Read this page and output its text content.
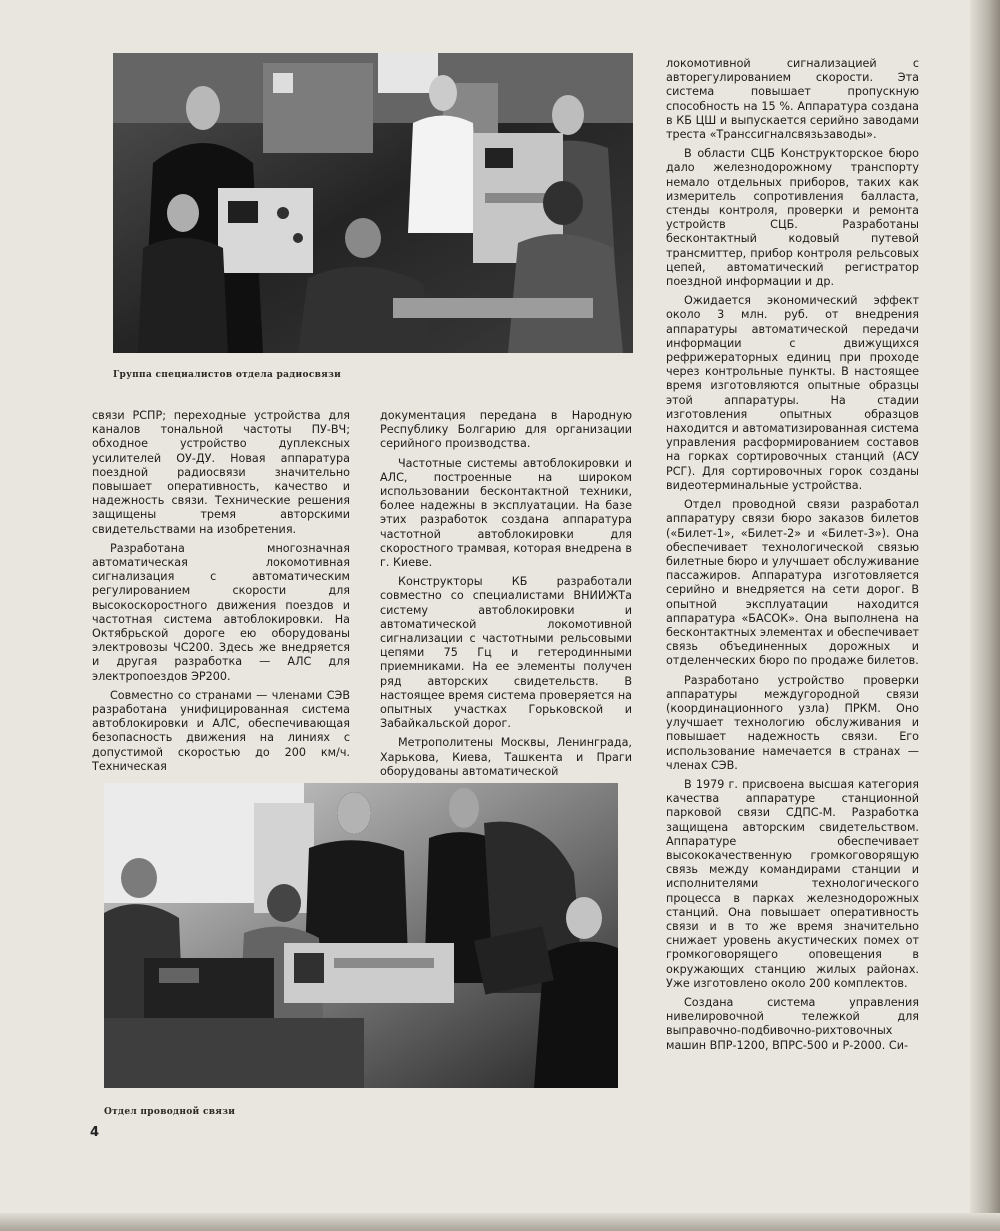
Группа специалистов отдела радиосвязи

связи РСПР; переходные устройства для каналов тональной частоты ПУ-ВЧ; обходное устройство дуплексных усилителей ОУ-ДУ. Новая аппаратура поездной радиосвязи значительно повышает оперативность, качество и надежность связи. Технические решения защищены тремя авторскими свидетельствами на изобретения.

Разработана многозначная автоматическая локомотивная сигнализация с автоматическим регулированием скорости для высокоскоростного движения поездов и частотная система автоблокировки. На Октябрьской дороге ею оборудованы электровозы ЧС200. Здесь же внедряется и другая разработка — АЛС для электропоездов ЭР200.

Совместно со странами — членами СЭВ разработана унифицированная система автоблокировки и АЛС, обеспечивающая безопасность движения на линиях с допустимой скоростью до 200 км/ч. Техническая

документация передана в Народную Республику Болгарию для организации серийного производства.

Частотные системы автоблокировки и АЛС, построенные на широком использовании бесконтактной техники, более надежны в эксплуатации. На базе этих разработок создана аппаратура частотной автоблокировки для скоростного трамвая, которая внедрена в г. Киеве.

Конструкторы КБ разработали совместно со специалистами ВНИИЖТа систему автоблокировки и автоматической локомотивной сигнализации с частотными рельсовыми цепями 75 Гц и гетеродинными приемниками. На ее элементы получен ряд авторских свидетельств. В настоящее время система проверяется на опытных участках Горьковской и Забайкальской дорог.

Метрополитены Москвы, Ленинграда, Харькова, Киева, Ташкента и Праги оборудованы автоматической

локомотивной сигнализацией с авторегулированием скорости. Эта система повышает пропускную способность на 15 %. Аппаратура создана в КБ ЦШ и выпускается серийно заводами треста «Транссигналсвязьзаводы».

В области СЦБ Конструкторское бюро дало железнодорожному транспорту немало отдельных приборов, таких как измеритель сопротивления балласта, стенды контроля, проверки и ремонта устройств СЦБ. Разработаны бесконтактный кодовый путевой трансмиттер, прибор контроля рельсовых цепей, автоматический регистратор поездной информации и др.

Ожидается экономический эффект около 3 млн. руб. от внедрения аппаратуры автоматической передачи информации с движущихся рефрижераторных единиц при проходе через контрольные пункты. В настоящее время изготовляются опытные образцы этой аппаратуры. На стадии изготовления опытных образцов находится и автоматизированная система управления расформированием составов на горках сортировочных станций (АСУ РСГ). Для сортировочных горок созданы видеотерминальные устройства.

Отдел проводной связи разработал аппаратуру связи бюро заказов билетов («Билет-1», «Билет-2» и «Билет-3»). Она обеспечивает технологической связью билетные бюро и улучшает обслуживание пассажиров. Аппаратура изготовляется серийно и внедряется на сети дорог. В опытной эксплуатации находится аппаратура «БАСОК». Она выполнена на бесконтактных элементах и обеспечивает связь объединенных дорожных и отделенческих бюро по продаже билетов.

Разработано устройство проверки аппаратуры междугородной связи (координационного узла) ПРКМ. Оно улучшает технологию обслуживания и повышает надежность связи. Его использование намечается в странах — членах СЭВ.

В 1979 г. присвоена высшая категория качества аппаратуре станционной парковой связи СДПС-М. Разработка защищена авторским свидетельством. Аппаратуре обеспечивает высококачественную громкоговорящую связь между командирами станции и исполнителями технологического процесса в парках железнодорожных станций. Она повышает оперативность связи и в то же время значительно снижает уровень акустических помех от громкоговорящего оповещения в окружающих станцию жилых районах. Уже изготовлено около 200 комплектов.

Создана система управления нивелировочной тележкой для выправочно-подбивочно-рихтовочных машин ВПР-1200, ВПРС-500 и Р-2000. Си-

Отдел проводной связи
4
